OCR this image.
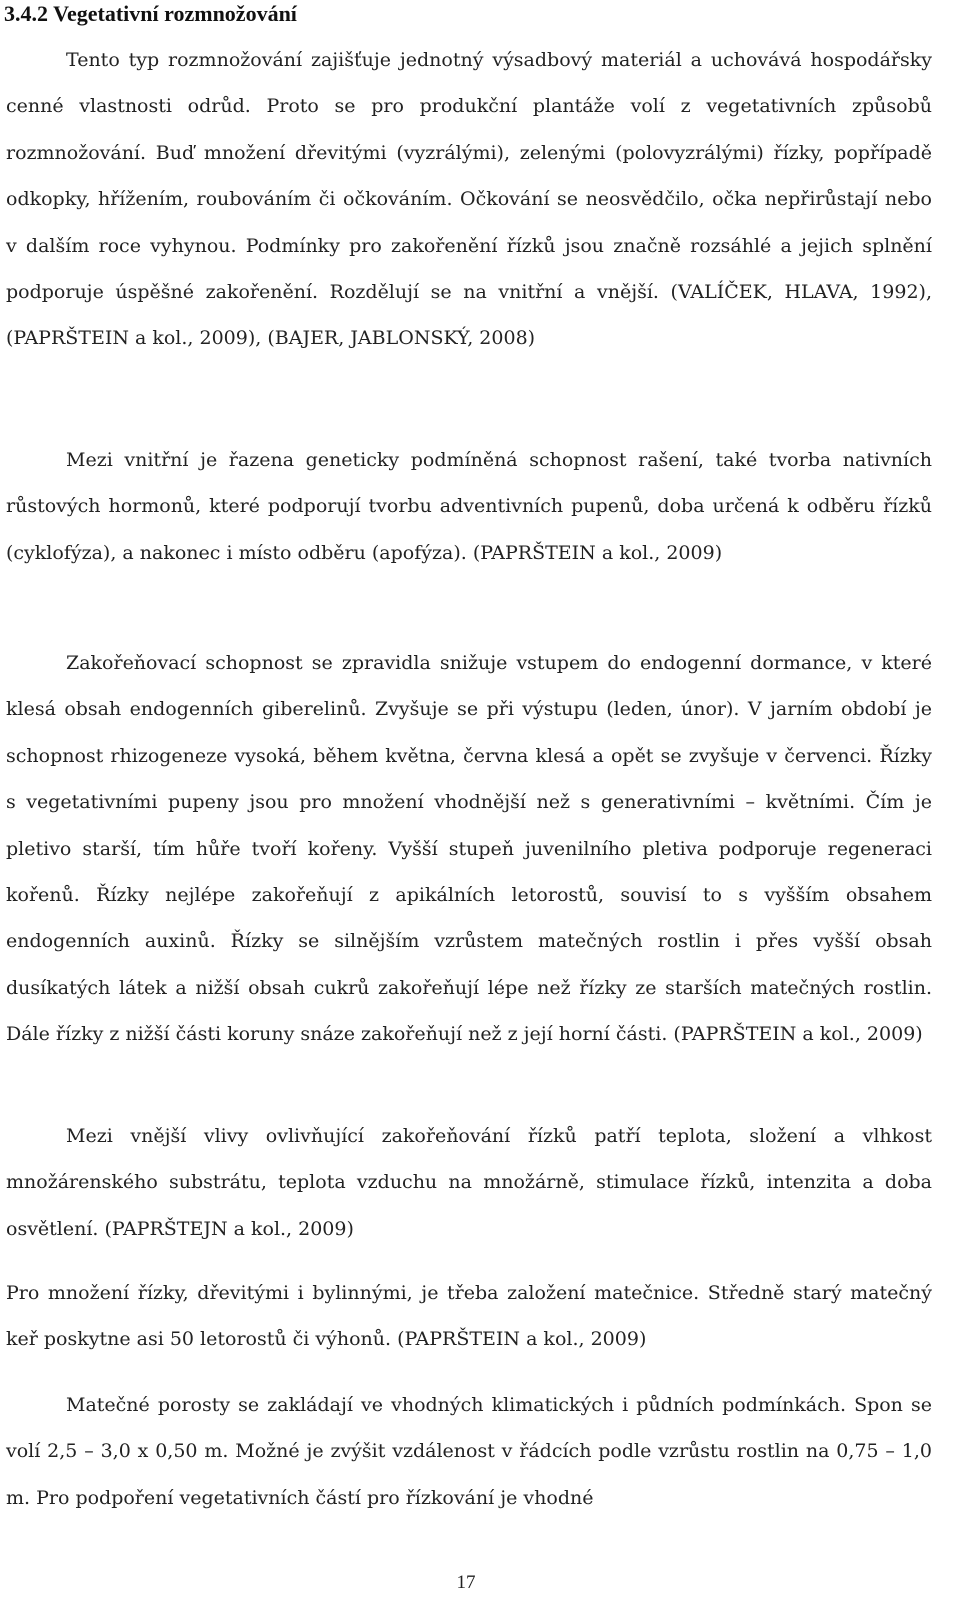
3.4.2 Vegetativní rozmnožování

Tento typ rozmnožování zajišťuje jednotný výsadbový materiál a uchovává hospodářsky cenné vlastnosti odrůd. Proto se pro produkční plantáže volí z vegetativních způsobů rozmnožování. Buď množení dřevitými (vyzrálými), zelenými (polovyzrálými) řízky, popřípadě odkopky, hřížením, roubováním či očkováním. Očkování se neosvědčilo, očka nepřirůstají nebo v dalším roce vyhynou. Podmínky pro zakořenění řízků jsou značně rozsáhlé a jejich splnění podporuje úspěšné zakořenění. Rozdělují se na vnitřní a vnější. (VALÍČEK, HLAVA, 1992), (PAPRŠTEIN a kol., 2009), (BAJER, JABLONSKÝ, 2008)

Mezi vnitřní je řazena geneticky podmíněná schopnost rašení, také tvorba nativních růstových hormonů, které podporují tvorbu adventivních pupenů, doba určená k odběru řízků (cyklofýza), a nakonec i místo odběru (apofýza). (PAPRŠTEIN a kol., 2009)

Zakořeňovací schopnost se zpravidla snižuje vstupem do endogenní dormance, v které klesá obsah endogenních giberelinů. Zvyšuje se při výstupu (leden, únor). V jarním období je schopnost rhizogeneze vysoká, během května, června klesá a opět se zvyšuje v červenci. Řízky s vegetativními pupeny jsou pro množení vhodnější než s generativními – květními. Čím je pletivo starší, tím hůře tvoří kořeny. Vyšší stupeň juvenilního pletiva podporuje regeneraci kořenů. Řízky nejlépe zakořeňují z apikálních letorostů, souvisí to s vyšším obsahem endogenních auxinů. Řízky se silnějším vzrůstem matečných rostlin i přes vyšší obsah dusíkatých látek a nižší obsah cukrů zakořeňují lépe než řízky ze starších matečných rostlin. Dále řízky z nižší části koruny snáze zakořeňují než z její horní části. (PAPRŠTEIN a kol., 2009)

Mezi vnější vlivy ovlivňující zakořeňování řízků patří teplota, složení a vlhkost množárenského substrátu, teplota vzduchu na množárně, stimulace řízků, intenzita a doba osvětlení. (PAPRŠTEJN a kol., 2009)

Pro množení řízky, dřevitými i bylinnými, je třeba založení matečnice. Středně starý matečný keř poskytne asi 50 letorostů či výhonů. (PAPRŠTEIN a kol., 2009)

Matečné porosty se zakládají ve vhodných klimatických i půdních podmínkách. Spon se volí 2,5 – 3,0 x 0,50 m. Možné je zvýšit vzdálenost v řádcích podle vzrůstu rostlin na 0,75 – 1,0 m. Pro podpoření vegetativních částí pro řízkování je vhodné

17
